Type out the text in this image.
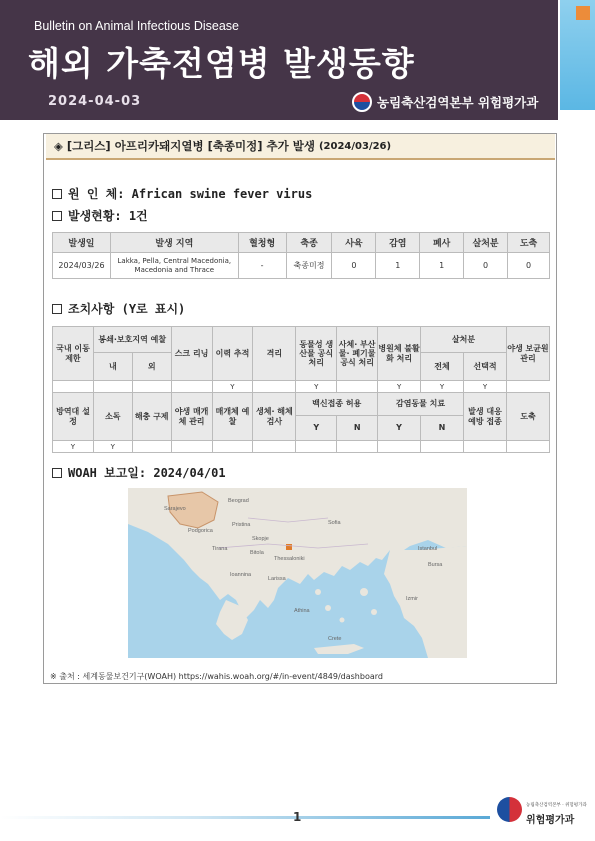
Bulletin on Animal Infectious Disease
해외 가축전염병 발생동향
2024-04-03	농림축산검역본부 위험평가과
◈ [그리스] 아프리카돼지열병 [축종미정] 추가 발생 (2024/03/26)
원 인 체: African swine fever virus
발생현황: 1건
발생일	발생 지역	혈청형	축종	사육	감염	폐사	살처분	도축
2024/03/26	Lakka, Pella, Central Macedonia, Macedonia and Thrace	-	축종미정	0	1	1	0	0
조치사항 (Y로 표시)
국내 이동 제한	봉쇄·보호지역 예찰		스크 리닝	이력 추적	격리	동물성 생산물 공식 처리	사체· 부산물· 폐기물 공식 처리	병원체 불활화 처리	살처분		야생 보균원 관리
	내	외							전체	선택적	
				Y		Y		Y	Y	Y	
방역대 설정	소독	해충 구제	야생 매개체 관리	매개체 예찰	생체· 해체 검사	백신접종 허용		감염동물 치료		발생 대응 예방 접종	도축
						Y	N	Y	N		
Y	Y										
WOAH 보고일: 2024/04/01
Beograd
Sofia
Skopje
Bitola
Thessaloniki
Ioannina
Larissa
Athina
Izmir
Bursa
Istanbul
Tirana
Podgorica
Sarajevo
Pristina
Crete
※ 출처 : 세계동물보건기구(WOAH) https://wahis.woah.org/#/in-event/4849/dashboard
1
농림축산검역본부 · 위험평가과
위험평가과
